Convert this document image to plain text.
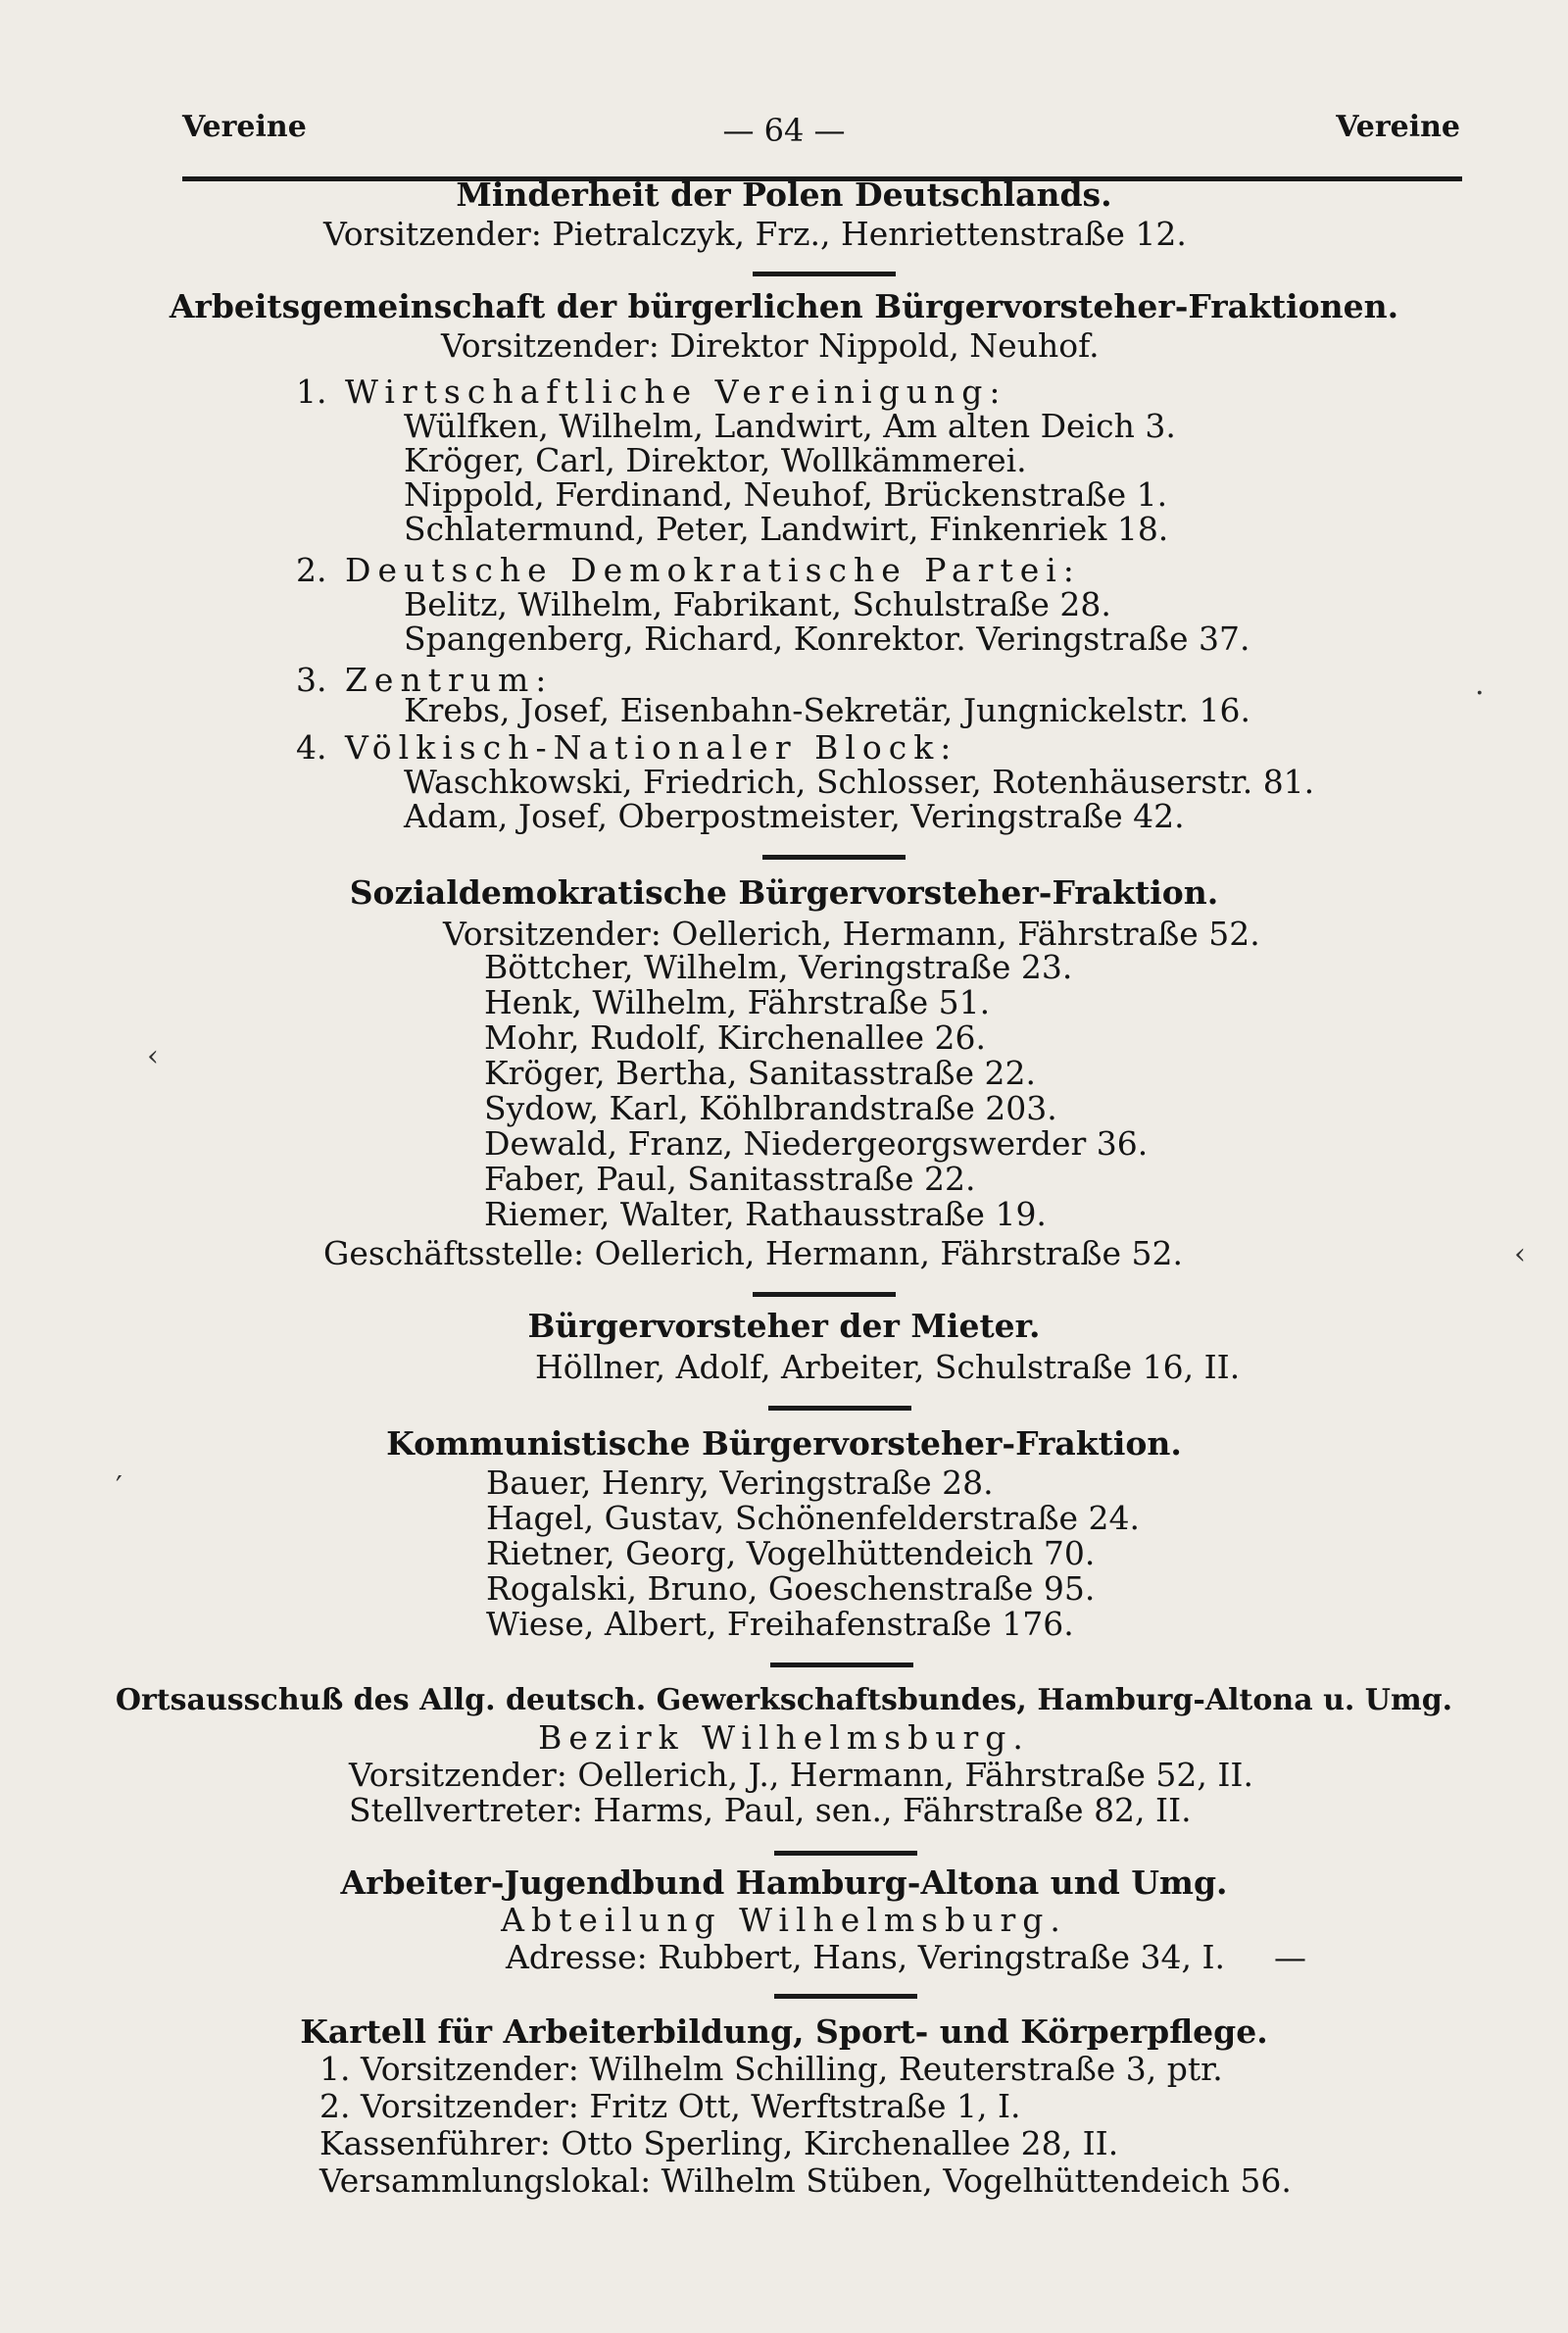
Vereine	— 64 —	Vereine
Minderheit der Polen Deutschlands.
Vorsitzender: Pietralczyk, Frz., Henriettenstraße 12.
Arbeitsgemeinschaft der bürgerlichen Bürgervorsteher-Fraktionen.
Vorsitzender: Direktor Nippold, Neuhof.
1. Wirtschaftliche Vereinigung:
Wülfken, Wilhelm, Landwirt, Am alten Deich 3.
Kröger, Carl, Direktor, Wollkämmerei.
Nippold, Ferdinand, Neuhof, Brückenstraße 1.
Schlatermund, Peter, Landwirt, Finkenriek 18.
2. Deutsche Demokratische Partei:
Belitz, Wilhelm, Fabrikant, Schulstraße 28.
Spangenberg, Richard, Konrektor. Veringstraße 37.
3. Zentrum:
Krebs, Josef, Eisenbahn-Sekretär, Jungnickelstr. 16.
4. Völkisch-Nationaler Block:
Waschkowski, Friedrich, Schlosser, Rotenhäuserstr. 81.
Adam, Josef, Oberpostmeister, Veringstraße 42.
Sozialdemokratische Bürgervorsteher-Fraktion.
Vorsitzender: Oellerich, Hermann, Fährstraße 52.
Böttcher, Wilhelm, Veringstraße 23.
Henk, Wilhelm, Fährstraße 51.
Mohr, Rudolf, Kirchenallee 26.
Kröger, Bertha, Sanitasstraße 22.
Sydow, Karl, Köhlbrandstraße 203.
Dewald, Franz, Niedergeorgswerder 36.
Faber, Paul, Sanitasstraße 22.
Riemer, Walter, Rathausstraße 19.
Geschäftsstelle: Oellerich, Hermann, Fährstraße 52.
Bürgervorsteher der Mieter.
Höllner, Adolf, Arbeiter, Schulstraße 16, II.
Kommunistische Bürgervorsteher-Fraktion.
Bauer, Henry, Veringstraße 28.
Hagel, Gustav, Schönenfelderstraße 24.
Rietner, Georg, Vogelhüttendeich 70.
Rogalski, Bruno, Goeschenstraße 95.
Wiese, Albert, Freihafenstraße 176.
Ortsausschuß des Allg. deutsch. Gewerkschaftsbundes, Hamburg-Altona u. Umg.
Bezirk Wilhelmsburg.
Vorsitzender: Oellerich, J., Hermann, Fährstraße 52, II.
Stellvertreter: Harms, Paul, sen., Fährstraße 82, II.
Arbeiter-Jugendbund Hamburg-Altona und Umg.
Abteilung Wilhelmsburg.
Adresse: Rubbert, Hans, Veringstraße 34, I. —
Kartell für Arbeiterbildung, Sport- und Körperpflege.
1. Vorsitzender: Wilhelm Schilling, Reuterstraße 3, ptr.
2. Vorsitzender: Fritz Ott, Werftstraße 1, I.
Kassenführer: Otto Sperling, Kirchenallee 28, II.
Versammlungslokal: Wilhelm Stüben, Vogelhüttendeich 56.
‹
‹
′
·
